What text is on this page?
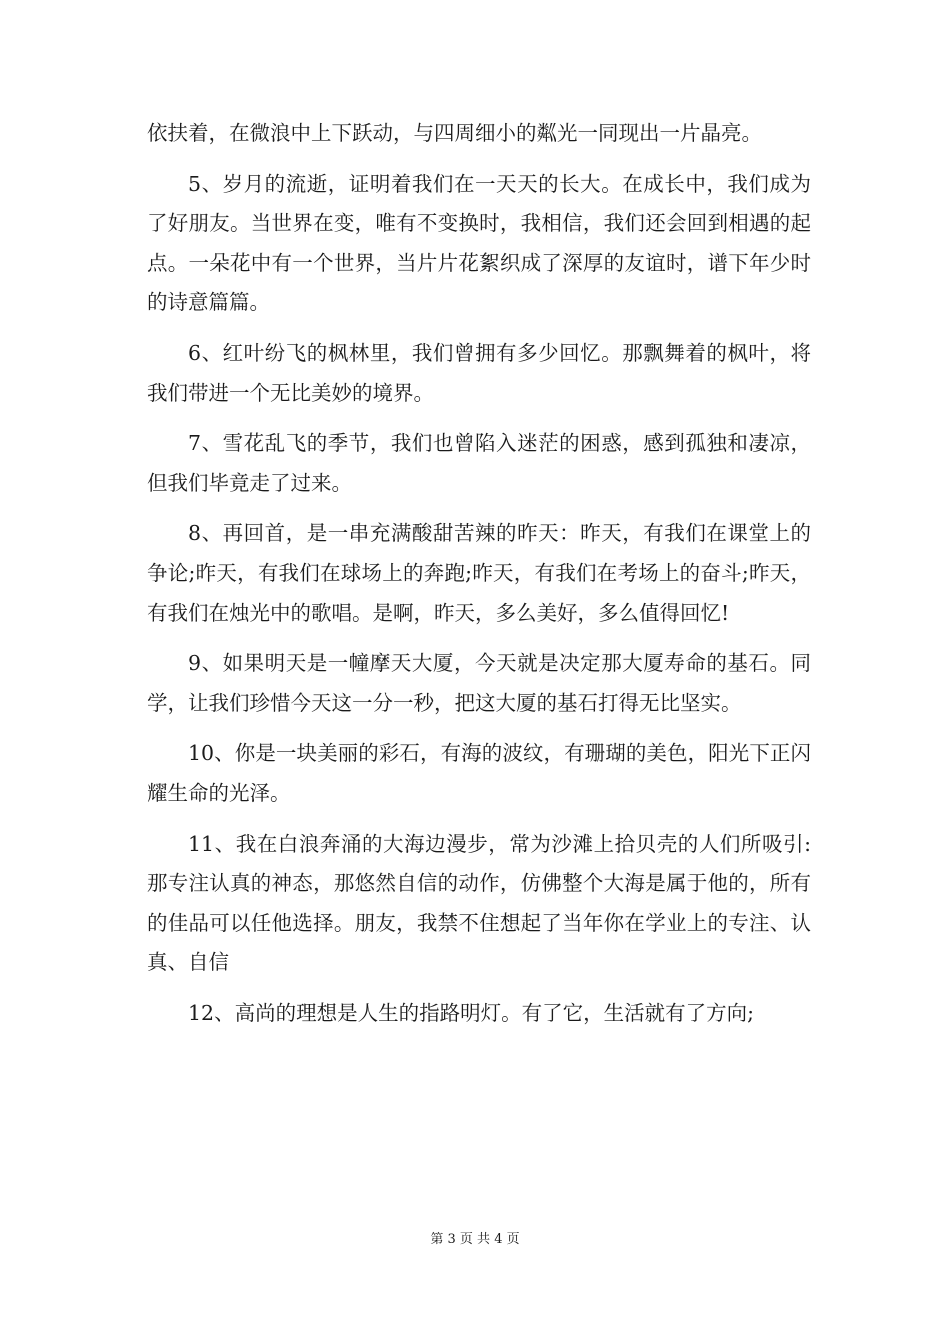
依扶着，在微浪中上下跃动，与四周细小的粼光一同现出一片晶亮。

5、岁月的流逝，证明着我们在一天天的长大。在成长中，我们成为了好朋友。当世界在变，唯有不变换时，我相信，我们还会回到相遇的起点。一朵花中有一个世界，当片片花絮织成了深厚的友谊时，谱下年少时的诗意篇篇。

6、红叶纷飞的枫林里，我们曾拥有多少回忆。那飘舞着的枫叶，将我们带进一个无比美妙的境界。

7、雪花乱飞的季节，我们也曾陷入迷茫的困惑，感到孤独和凄凉，但我们毕竟走了过来。

8、再回首，是一串充满酸甜苦辣的昨天：昨天，有我们在课堂上的争论;昨天，有我们在球场上的奔跑;昨天，有我们在考场上的奋斗;昨天，有我们在烛光中的歌唱。是啊，昨天，多么美好，多么值得回忆!

9、如果明天是一幢摩天大厦，今天就是决定那大厦寿命的基石。同学，让我们珍惜今天这一分一秒，把这大厦的基石打得无比坚实。

10、你是一块美丽的彩石，有海的波纹，有珊瑚的美色，阳光下正闪耀生命的光泽。

11、我在白浪奔涌的大海边漫步，常为沙滩上拾贝壳的人们所吸引:那专注认真的神态，那悠然自信的动作，仿佛整个大海是属于他的，所有的佳品可以任他选择。朋友，我禁不住想起了当年你在学业上的专注、认真、自信

12、高尚的理想是人生的指路明灯。有了它，生活就有了方向;

第 3 页 共 4 页
